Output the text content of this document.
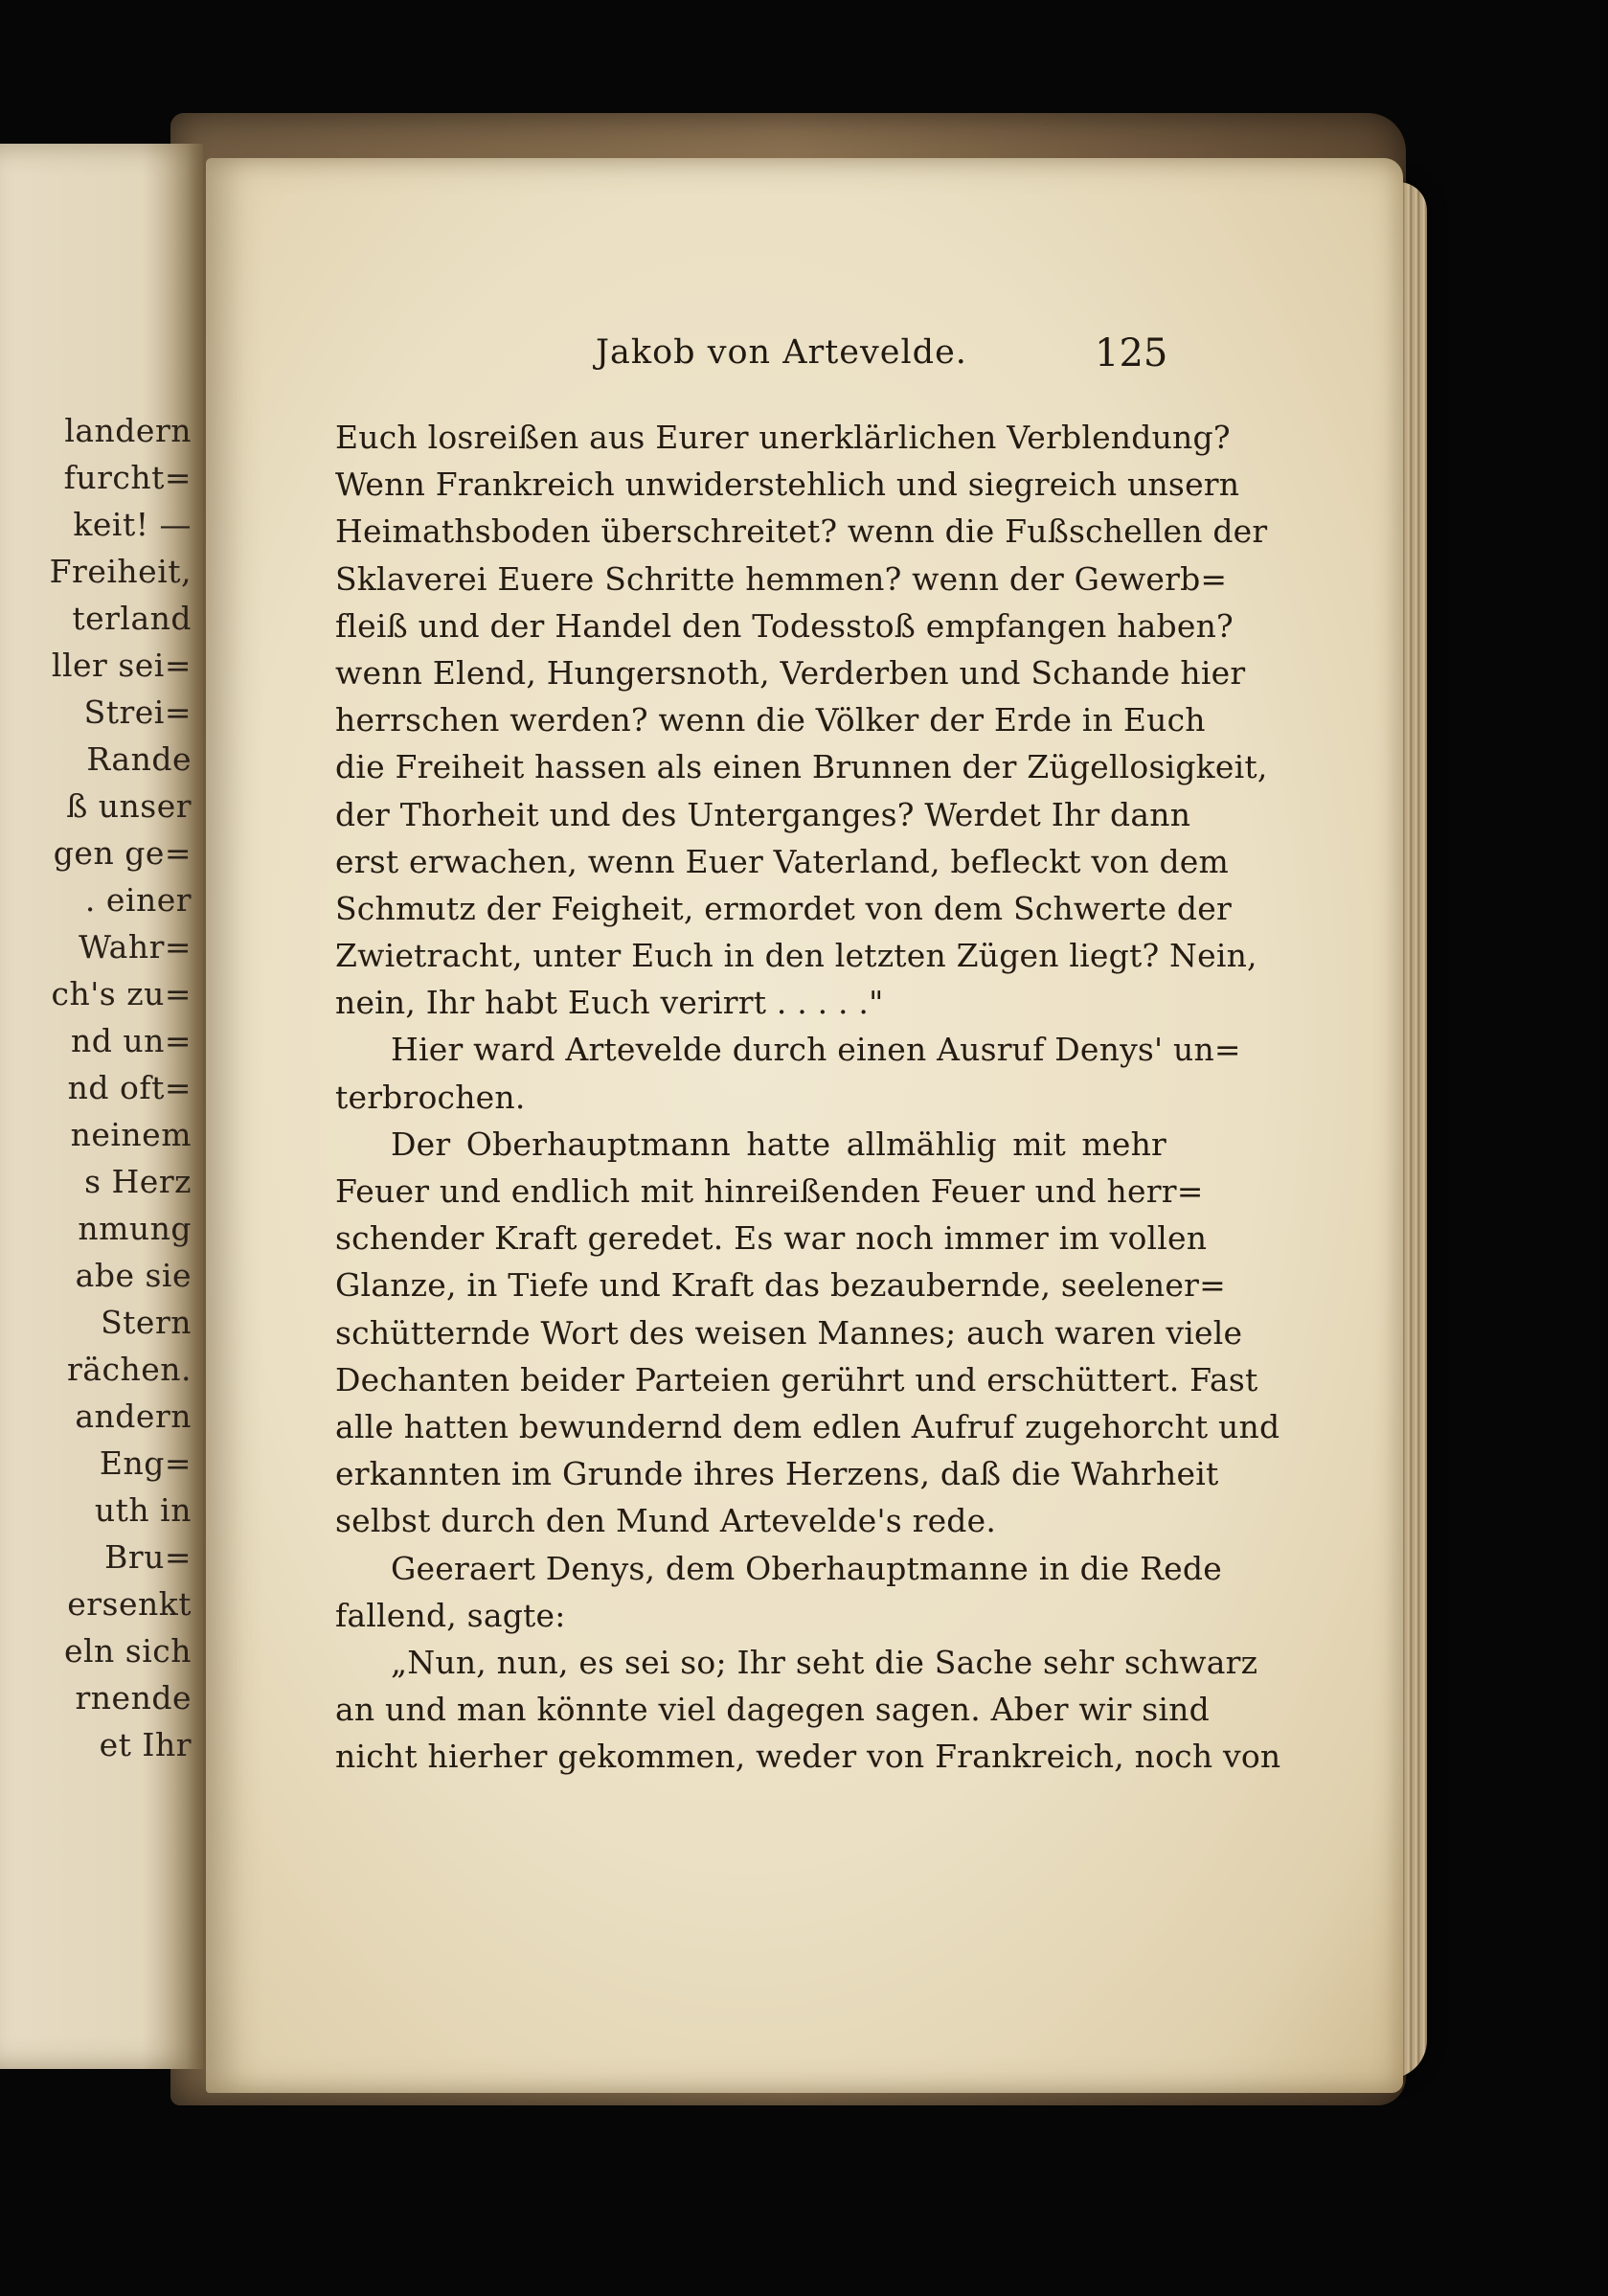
landern
furcht=
keit! —
Freiheit,
terland
ller sei=
Strei=
Rande
ß unser
gen ge=
. einer
Wahr=
ch's zu=
nd un=
nd oft=
neinem
s Herz
nmung
abe sie
Stern
rächen.
andern
Eng=
uth in
Bru=
ersenkt
eln sich
rnende
et Ihr
Jakob von Artevelde.	125
Euch losreißen aus Eurer unerklärlichen Verblendung?
Wenn Frankreich unwiderstehlich und siegreich unsern
Heimathsboden überschreitet? wenn die Fußschellen der
Sklaverei Euere Schritte hemmen? wenn der Gewerb=
fleiß und der Handel den Todesstoß empfangen haben?
wenn Elend, Hungersnoth, Verderben und Schande hier
herrschen werden? wenn die Völker der Erde in Euch
die Freiheit hassen als einen Brunnen der Zügellosigkeit,
der Thorheit und des Unterganges? Werdet Ihr dann
erst erwachen, wenn Euer Vaterland, befleckt von dem
Schmutz der Feigheit, ermordet von dem Schwerte der
Zwietracht, unter Euch in den letzten Zügen liegt? Nein,
nein, Ihr habt Euch verirrt . . . . ."
Hier ward Artevelde durch einen Ausruf Denys' un=
terbrochen.
Der Oberhauptmann hatte allmählig mit mehr
Feuer und endlich mit hinreißenden Feuer und herr=
schender Kraft geredet. Es war noch immer im vollen
Glanze, in Tiefe und Kraft das bezaubernde, seelener=
schütternde Wort des weisen Mannes; auch waren viele
Dechanten beider Parteien gerührt und erschüttert. Fast
alle hatten bewundernd dem edlen Aufruf zugehorcht und
erkannten im Grunde ihres Herzens, daß die Wahrheit
selbst durch den Mund Artevelde's rede.
Geeraert Denys, dem Oberhauptmanne in die Rede
fallend, sagte:
„Nun, nun, es sei so; Ihr seht die Sache sehr schwarz
an und man könnte viel dagegen sagen. Aber wir sind
nicht hierher gekommen, weder von Frankreich, noch von
